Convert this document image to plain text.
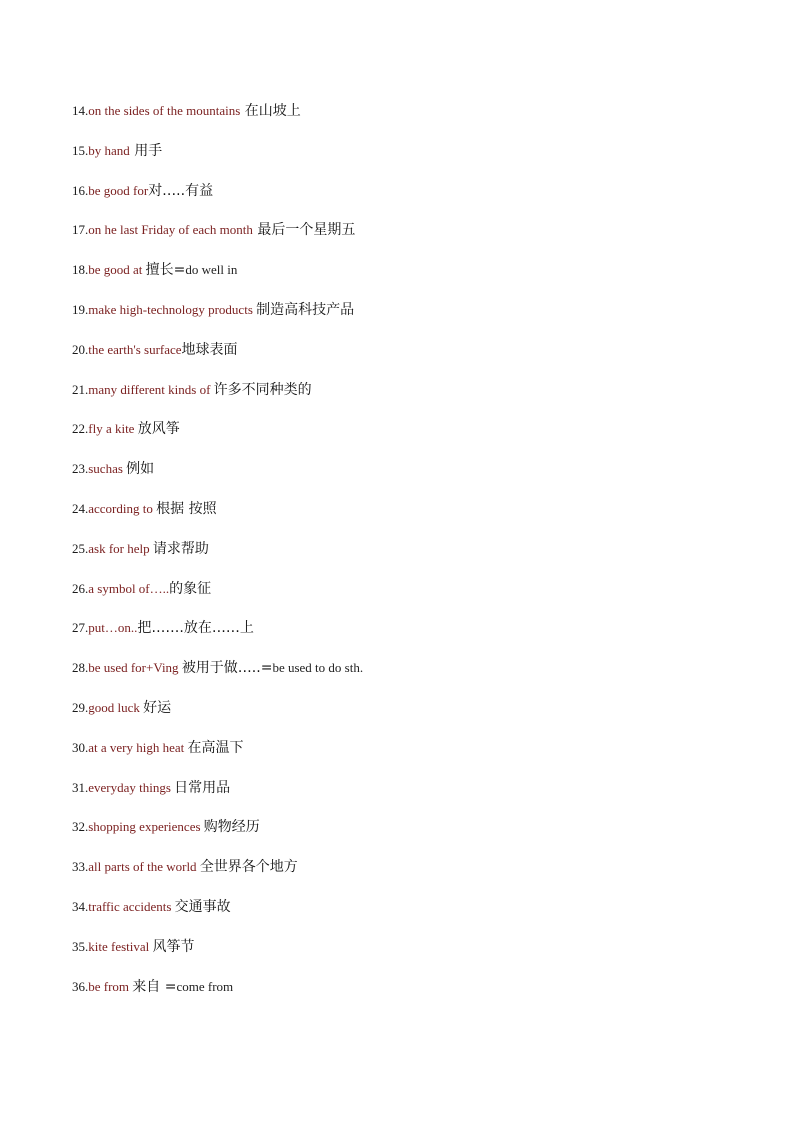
14.on the sides of the mountains 在山坡上
15.by hand 用手
16.be good for对…..有益
17.on he last Friday of each month 最后一个星期五
18.be good at 擅长=do well in
19.make high-technology products 制造高科技产品
20.the earth's surface地球表面
21.many different kinds of 许多不同种类的
22.fly a kite 放风筝
23.suchas 例如
24.according to 根据 按照
25.ask for help 请求帮助
26.a symbol of…..的象征
27.put…on..把…….放在……上
28.be used for+Ving 被用于做…..=be used to do sth.
29.good luck 好运
30.at a very high heat 在高温下
31.everyday things 日常用品
32.shopping experiences 购物经历
33.all parts of the world 全世界各个地方
34.traffic accidents 交通事故
35.kite festival 风筝节
36.be from 来自 =come from
